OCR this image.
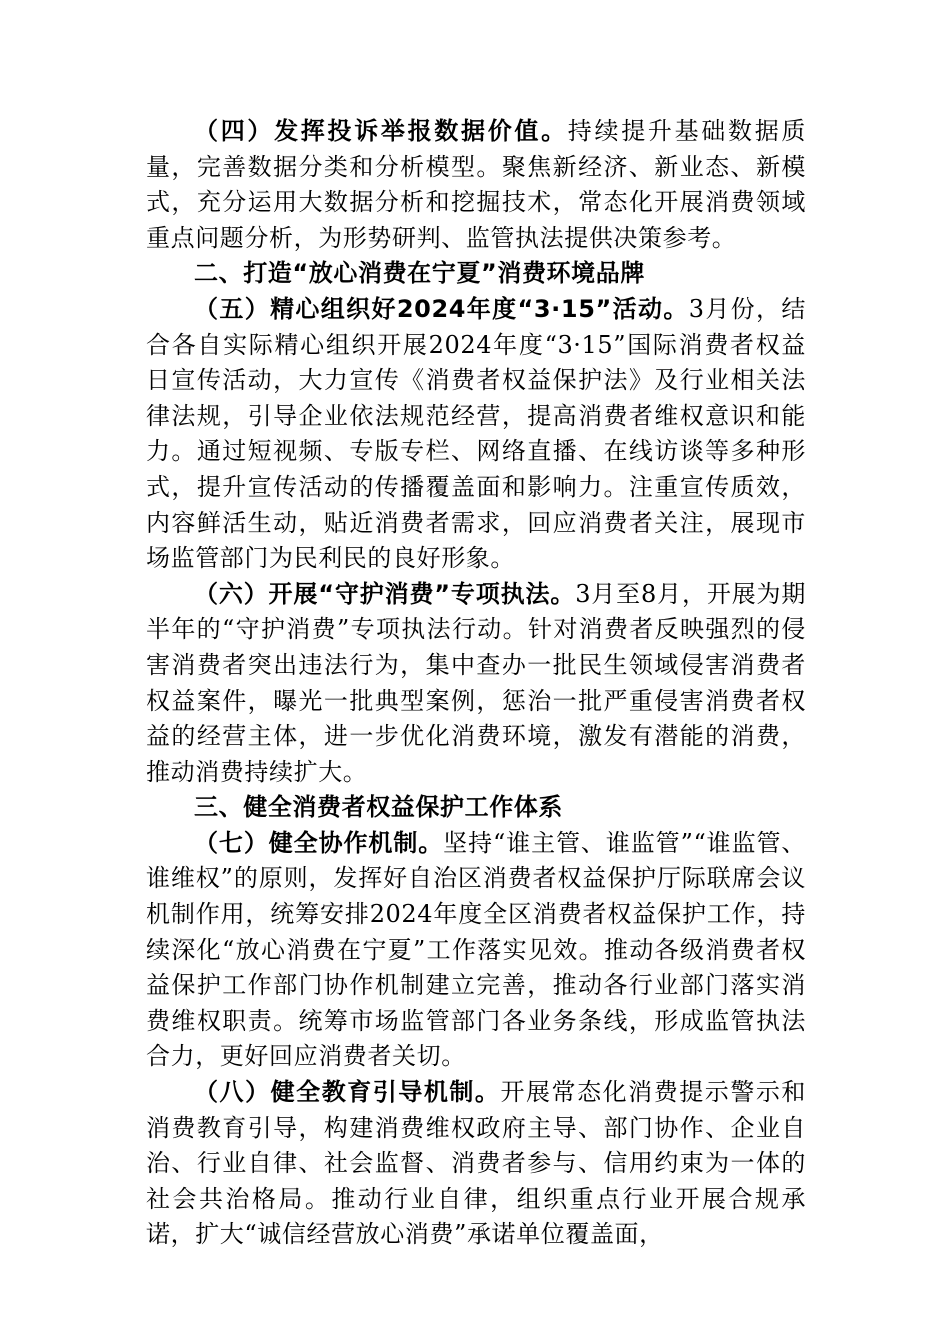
（四）发挥投诉举报数据价值。持续提升基础数据质量，完善数据分类和分析模型。聚焦新经济、新业态、新模式，充分运用大数据分析和挖掘技术，常态化开展消费领域重点问题分析，为形势研判、监管执法提供决策参考。

二、打造“放心消费在宁夏”消费环境品牌

（五）精心组织好2024年度“3·15”活动。3月份，结合各自实际精心组织开展2024年度“3·15”国际消费者权益日宣传活动，大力宣传《消费者权益保护法》及行业相关法律法规，引导企业依法规范经营，提高消费者维权意识和能力。通过短视频、专版专栏、网络直播、在线访谈等多种形式，提升宣传活动的传播覆盖面和影响力。注重宣传质效，内容鲜活生动，贴近消费者需求，回应消费者关注，展现市场监管部门为民利民的良好形象。

（六）开展“守护消费”专项执法。3月至8月，开展为期半年的“守护消费”专项执法行动。针对消费者反映强烈的侵害消费者突出违法行为，集中查办一批民生领域侵害消费者权益案件，曝光一批典型案例，惩治一批严重侵害消费者权益的经营主体，进一步优化消费环境，激发有潜能的消费，推动消费持续扩大。

三、健全消费者权益保护工作体系

（七）健全协作机制。坚持“谁主管、谁监管”“谁监管、谁维权”的原则，发挥好自治区消费者权益保护厅际联席会议机制作用，统筹安排2024年度全区消费者权益保护工作，持续深化“放心消费在宁夏”工作落实见效。推动各级消费者权益保护工作部门协作机制建立完善，推动各行业部门落实消费维权职责。统筹市场监管部门各业务条线，形成监管执法合力，更好回应消费者关切。

（八）健全教育引导机制。开展常态化消费提示警示和消费教育引导，构建消费维权政府主导、部门协作、企业自治、行业自律、社会监督、消费者参与、信用约束为一体的社会共治格局。推动行业自律，组织重点行业开展合规承诺，扩大“诚信经营放心消费”承诺单位覆盖面，
